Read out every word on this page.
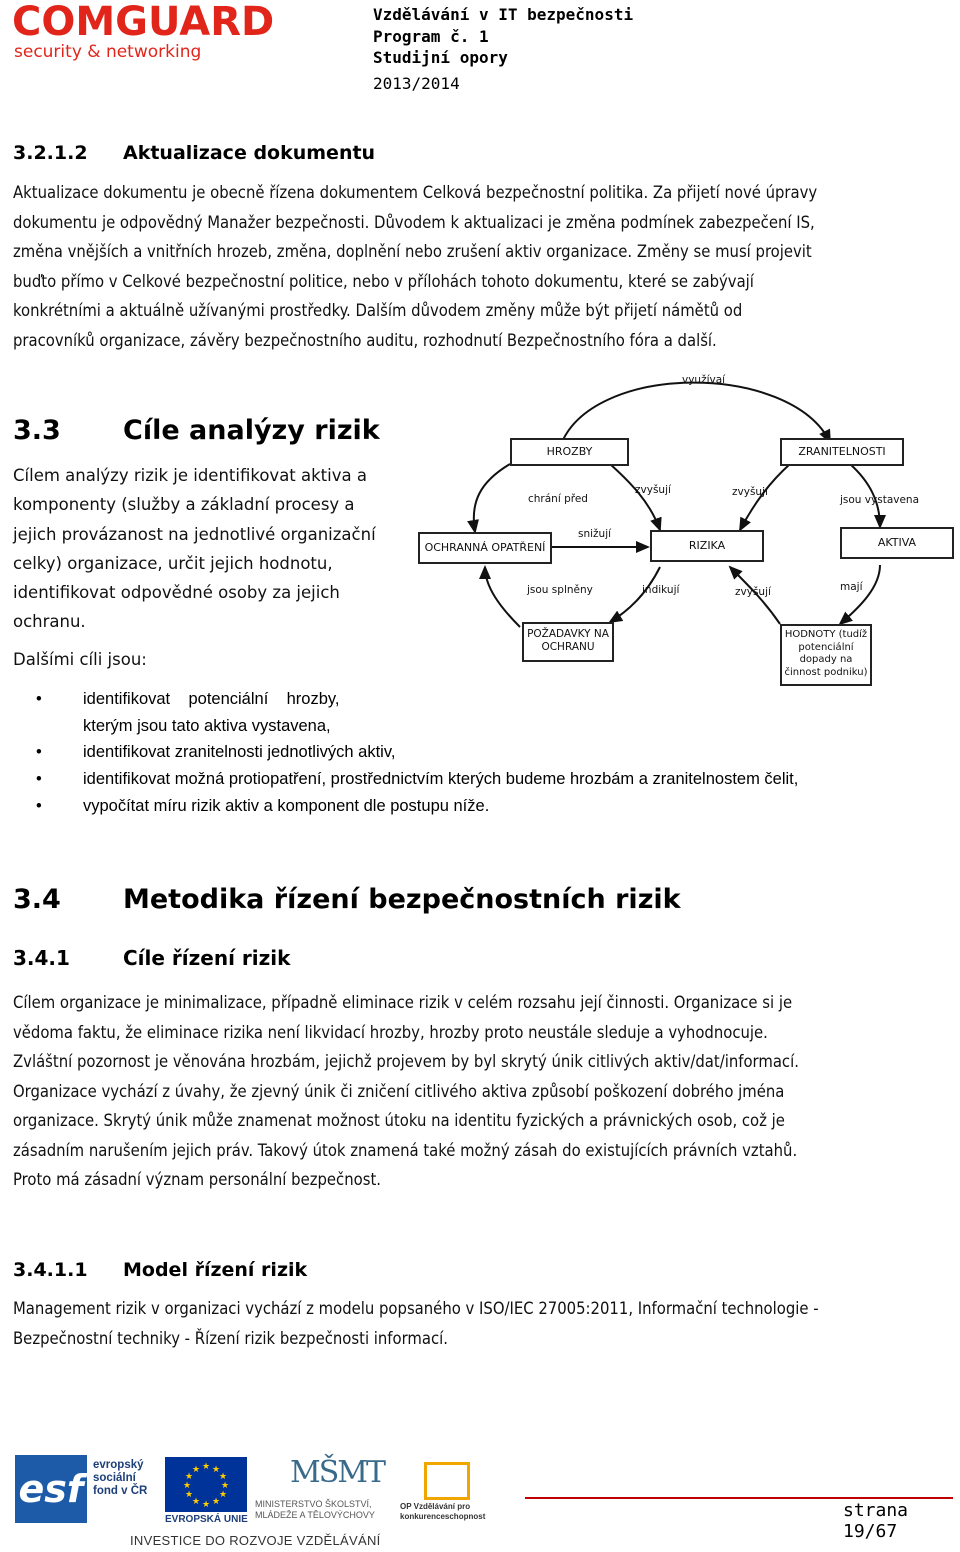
COMGUARD
security & networking
Vzdělávání v IT bezpečnosti
Program č. 1
Studijní opory
2013/2014
3.2.1.2 Aktualizace dokumentu
Aktualizace dokumentu je obecně řízena dokumentem Celková bezpečnostní politika. Za přijetí nové úpravy
dokumentu je odpovědný Manažer bezpečnosti. Důvodem k aktualizaci je změna podmínek zabezpečení IS,
změna vnějších a vnitřních hrozeb, změna, doplnění nebo zrušení aktiv organizace. Změny se musí projevit
buďto přímo v Celkové bezpečnostní politice, nebo v přílohách tohoto dokumentu, které se zabývají
konkrétními a aktuálně užívanými prostředky. Dalším důvodem změny může být přijetí námětů od
pracovníků organizace, závěry bezpečnostního auditu, rozhodnutí Bezpečnostního fóra a další.
3.3 Cíle analýzy rizik
Cílem analýzy rizik je identifikovat aktiva a
komponenty (služby a základní procesy a
jejich provázanost na jednotlivé organizační
celky) organizace, určit jejich hodnotu,
identifikovat odpovědné osoby za jejich
ochranu.
Dalšími cíli jsou:
HROZBY	ZRANITELNOSTI
OCHRANNÁ OPATŘENÍ	RIZIKA	AKTIVA
POŽADAVKY NA OCHRANU
HODNOTY (tudíž potenciální dopady na činnost podniku)
využívaí
chrání před
zvyšují	zvyšují
jsou vystavena
snižují
jsou splněny	indikují	zvyšují	mají
• identifikovat    potenciální    hrozby,
kterým jsou tato aktiva vystavena,
• identifikovat zranitelnosti jednotlivých aktiv,
• identifikovat možná protiopatření, prostřednictvím kterých budeme hrozbám a zranitelnostem čelit,
• vypočítat míru rizik aktiv a komponent dle postupu níže.
3.4 Metodika řízení bezpečnostních rizik
3.4.1	Cíle řízení rizik
Cílem organizace je minimalizace, případně eliminace rizik v celém rozsahu její činnosti. Organizace si je
vědoma faktu, že eliminace rizika není likvidací hrozby, hrozby proto neustále sleduje a vyhodnocuje.
Zvláštní pozornost je věnována hrozbám, jejichž projevem by byl skrytý únik citlivých aktiv/dat/informací.
Organizace vychází z úvahy, že zjevný únik či zničení citlivého aktiva způsobí poškození dobrého jména
organizace. Skrytý únik může znamenat možnost útoku na identitu fyzických a právnických osob, což je
zásadním narušením jejich práv. Takový útok znamená také možný zásah do existujících právních vztahů.
Proto má zásadní význam personální bezpečnost.
3.4.1.1 Model řízení rizik
Management rizik v organizaci vychází z modelu popsaného v ISO/IEC 27005:2011, Informační technologie -
Bezpečnostní techniky - Řízení rizik bezpečnosti informací.
esf
evropský sociální fond v ČR
★ ★
★
★
★
★
★
★
★
★
★
★
EVROPSKÁ UNIE
MŠMT
MINISTERSTVO ŠKOLSTVÍ, MLÁDEŽE A TĚLOVÝCHOVY
OP Vzdělávání pro konkurenceschopnost
INVESTICE DO ROZVOJE VZDĚLÁVÁNÍ
strana 19/67
